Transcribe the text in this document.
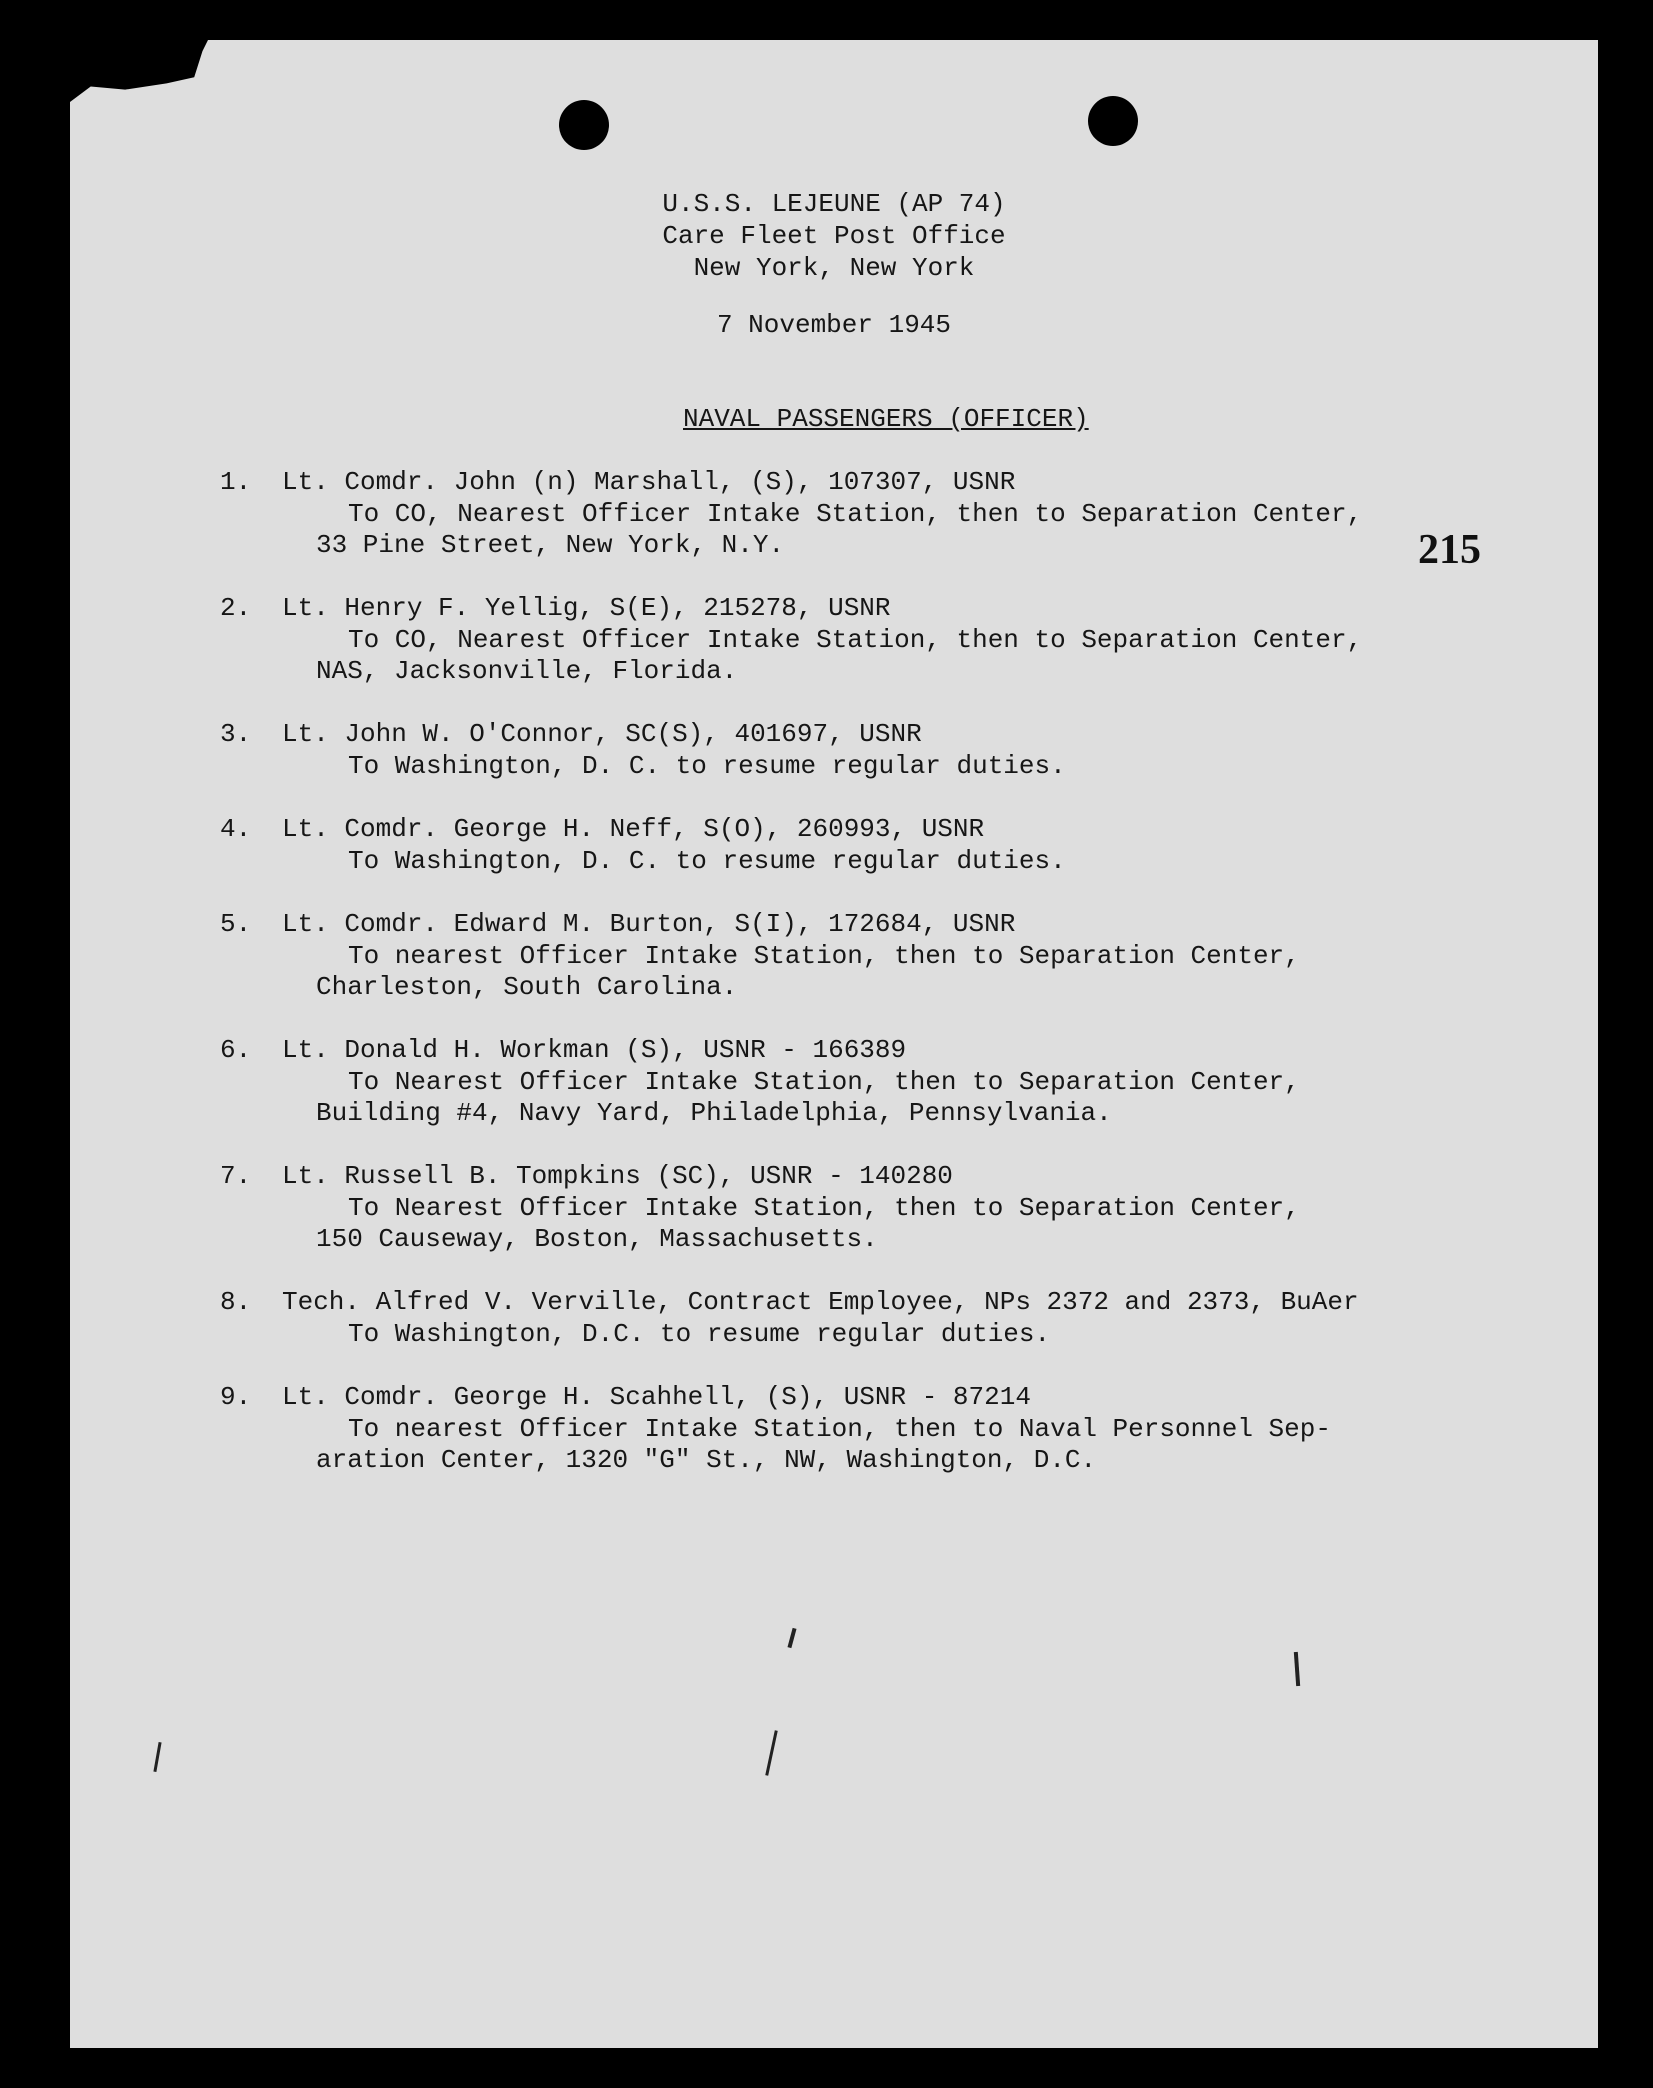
U.S.S. LEJEUNE (AP 74)
Care Fleet Post Office
New York, New York
7 November 1945
NAVAL PASSENGERS (OFFICER)
215

1.

Lt. Comdr. John (n) Marshall, (S), 107307, USNR

To CO, Nearest Officer Intake Station, then to Separation Center,

33 Pine Street, New York, N.Y.

2.

Lt. Henry F. Yellig, S(E), 215278, USNR

To CO, Nearest Officer Intake Station, then to Separation Center,

NAS, Jacksonville, Florida.

3.

Lt. John W. O'Connor, SC(S), 401697, USNR

To Washington, D. C. to resume regular duties.

4.

Lt. Comdr. George H. Neff, S(O), 260993, USNR

To Washington, D. C. to resume regular duties.

5.

Lt. Comdr. Edward M. Burton, S(I), 172684, USNR

To nearest Officer Intake Station, then to Separation Center,

Charleston, South Carolina.

6.

Lt. Donald H. Workman (S), USNR - 166389

To Nearest Officer Intake Station, then to Separation Center,

Building #4, Navy Yard, Philadelphia, Pennsylvania.

7.

Lt. Russell B. Tompkins (SC), USNR - 140280

To Nearest Officer Intake Station, then to Separation Center,

150 Causeway, Boston, Massachusetts.

8.

Tech. Alfred V. Verville, Contract Employee, NPs 2372 and 2373, BuAer

To Washington, D.C. to resume regular duties.

9.

Lt. Comdr. George H. Scahhell, (S), USNR - 87214

To nearest Officer Intake Station, then to Naval Personnel Sep-

aration Center, 1320 "G" St., NW, Washington, D.C.
